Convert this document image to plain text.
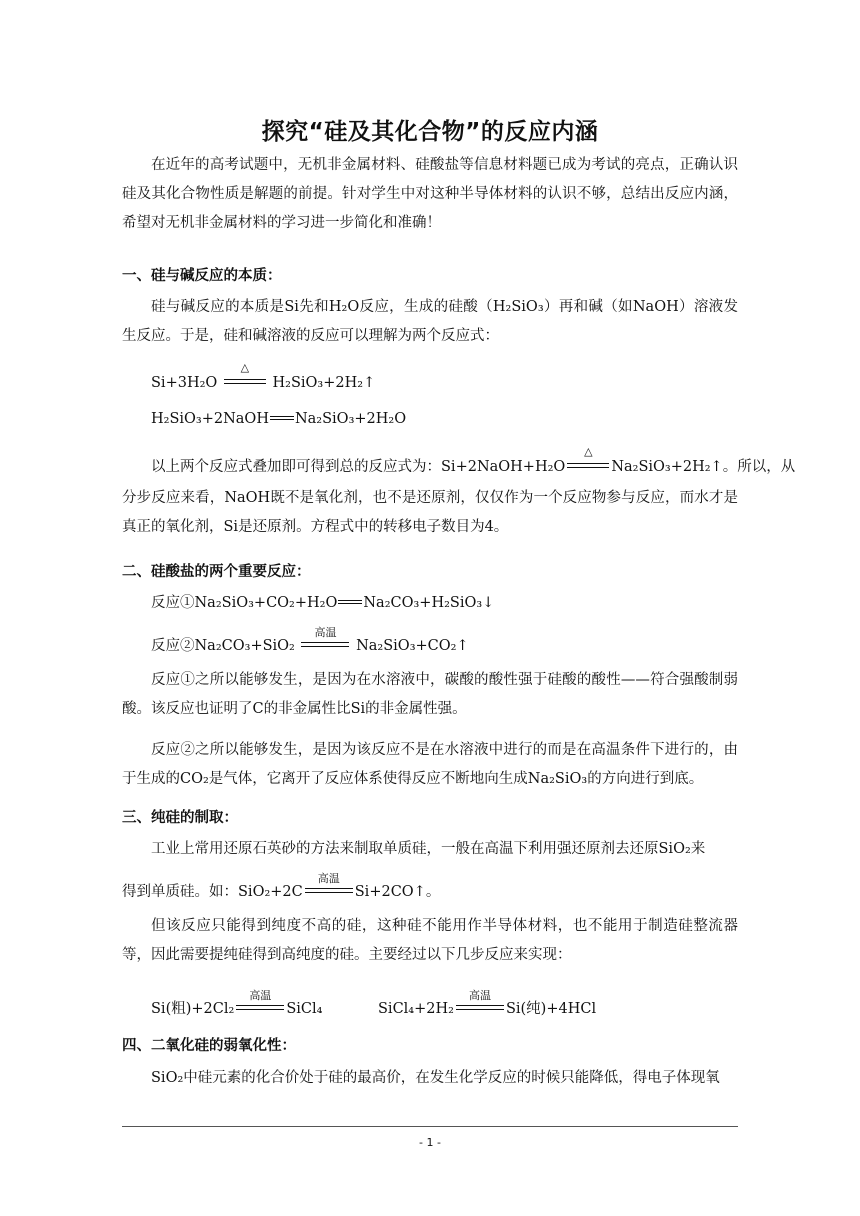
探究“硅及其化合物”的反应内涵

在近年的高考试题中，无机非金属材料、硅酸盐等信息材料题已成为考试的亮点，正确认识硅及其化合物性质是解题的前提。针对学生中对这种半导体材料的认识不够，总结出反应内涵，希望对无机非金属材料的学习进一步简化和准确！

一、硅与碱反应的本质：

硅与碱反应的本质是Si先和H₂O反应，生成的硅酸（H₂SiO₃）再和碱（如NaOH）溶液发生反应。于是，硅和碱溶液的反应可以理解为两个反应式：

Si+3H₂O
△
H₂SiO₃+2H₂↑
H₂SiO₃+2NaOH Na₂SiO₃+2H₂O
以上两个反应式叠加即可得到总的反应式为：Si+2NaOH+H₂O
△
Na₂SiO₃+2H₂↑。所以，从

分步反应来看，NaOH既不是氧化剂，也不是还原剂，仅仅作为一个反应物参与反应，而水才是真正的氧化剂，Si是还原剂。方程式中的转移电子数目为4。

二、硅酸盐的两个重要反应：
反应①Na₂SiO₃+CO₂+H₂O Na₂CO₃+H₂SiO₃↓
反应②Na₂CO₃+SiO₂
高温
Na₂SiO₃+CO₂↑

反应①之所以能够发生，是因为在水溶液中，碳酸的酸性强于硅酸的酸性——符合强酸制弱酸。该反应也证明了C的非金属性比Si的非金属性强。

反应②之所以能够发生，是因为该反应不是在水溶液中进行的而是在高温条件下进行的，由于生成的CO₂是气体，它离开了反应体系使得反应不断地向生成Na₂SiO₃的方向进行到底。

三、纯硅的制取：
工业上常用还原石英砂的方法来制取单质硅，一般在高温下利用强还原剂去还原SiO₂来
得到单质硅。如：SiO₂+2C
高温
Si+2CO↑。

但该反应只能得到纯度不高的硅，这种硅不能用作半导体材料，也不能用于制造硅整流器等，因此需要提纯硅得到高纯度的硅。主要经过以下几步反应来实现：

Si(粗)+2Cl₂
高温
SiCl₄	SiCl₄+2H₂
高温
Si(纯)+4HCl
四、二氧化硅的弱氧化性：
SiO₂中硅元素的化合价处于硅的最高价，在发生化学反应的时候只能降低，得电子体现氧
- 1 -
